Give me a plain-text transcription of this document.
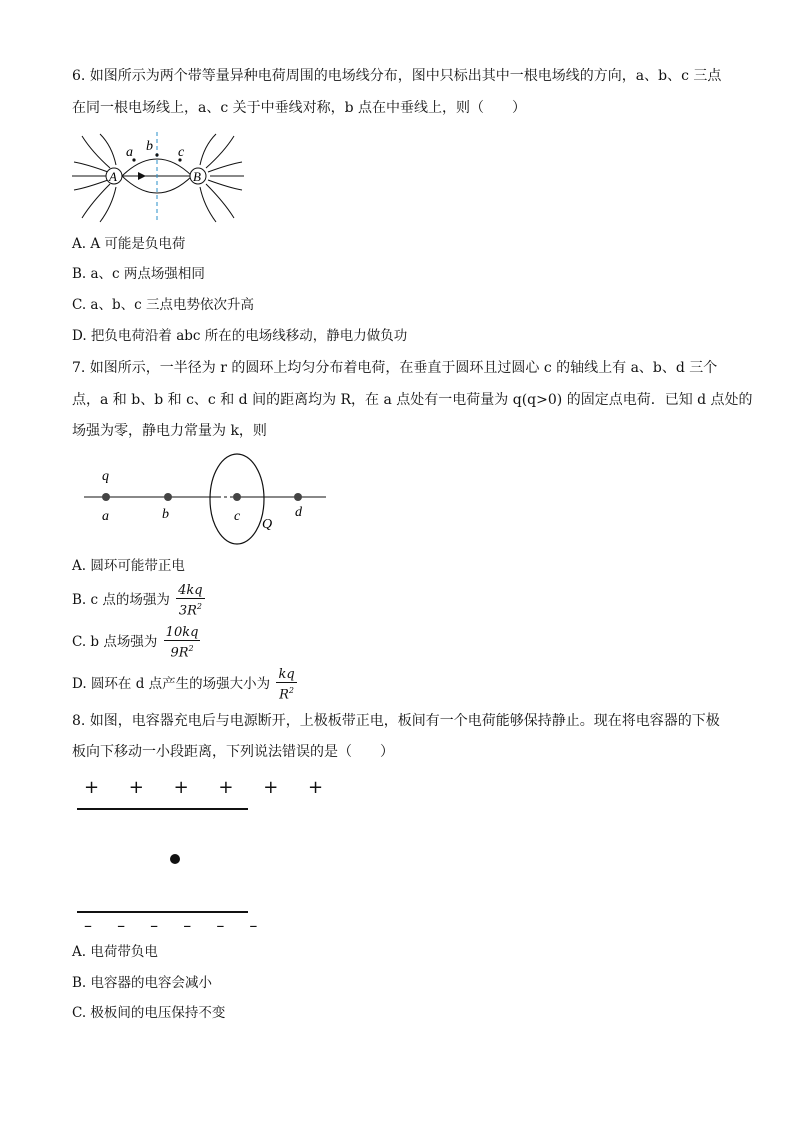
6. 如图所示为两个带等量异种电荷周围的电场线分布，图中只标出其中一根电场线的方向，a、b、c 三点
在同一根电场线上，a、c 关于中垂线对称，b 点在中垂线上，则（　　）
A	B
a b c
A. A 可能是负电荷
B. a、c 两点场强相同
C. a、b、c 三点电势依次升高
D. 把负电荷沿着 abc 所在的电场线移动，静电力做负功
7. 如图所示，一半径为 r 的圆环上均匀分布着电荷，在垂直于圆环且过圆心 c 的轴线上有 a、b、d 三个
点，a 和 b、b 和 c、c 和 d 间的距离均为 R，在 a 点处有一电荷量为 q(q>0) 的固定点电荷．已知 d 点处的
场强为零，静电力常量为 k，则
q
a	b	c
Q
d
A. 圆环可能带正电
B. c 点的场强为 $\frac{4kq}{3R^2}$
C. b 点场强为 $\frac{10kq}{9R^2}$
D. 圆环在 d 点产生的场强大小为 $\frac{kq}{R^2}$
8. 如图，电容器充电后与电源断开，上极板带正电，板间有一个电荷能够保持静止。现在将电容器的下极
板向下移动一小段距离，下列说法错误的是（　　）
+ + + + + +
– – – – – –
A. 电荷带负电
B. 电容器的电容会减小
C. 极板间的电压保持不变
